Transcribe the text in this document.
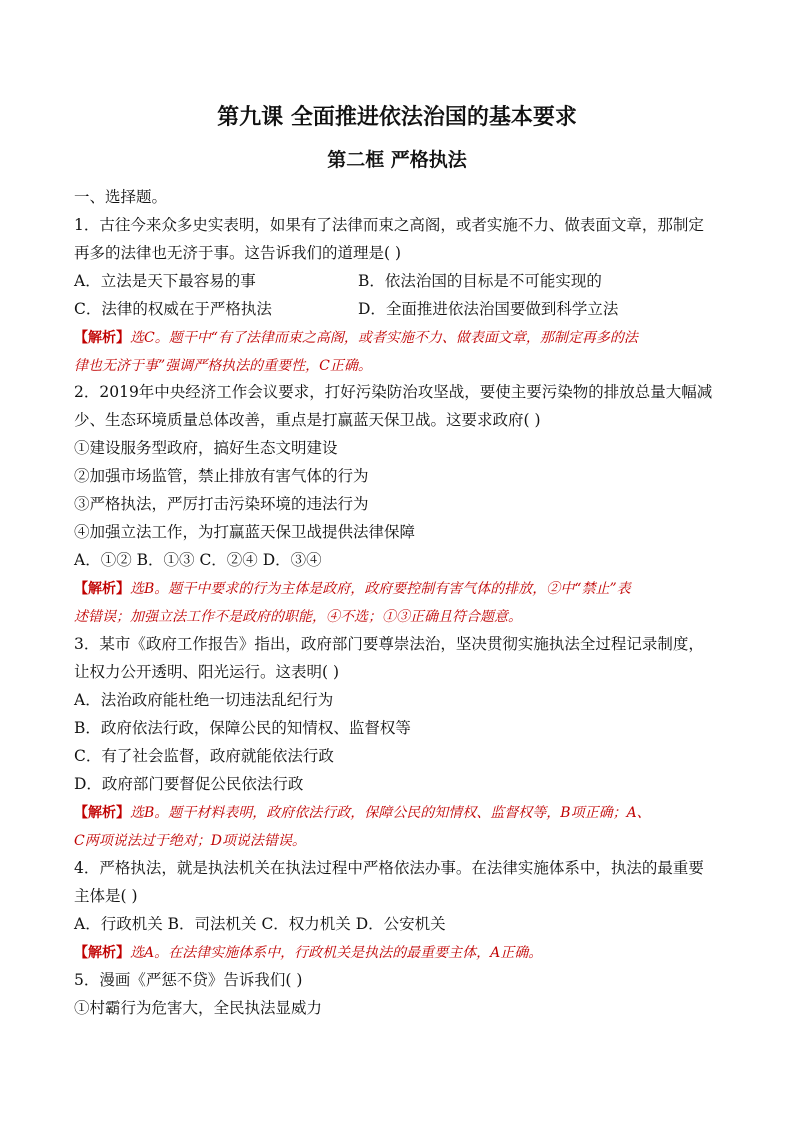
第九课 全面推进依法治国的基本要求
第二框 严格执法
一、选择题。
1．古往今来众多史实表明，如果有了法律而束之高阁，或者实施不力、做表面文章，那制定
再多的法律也无济于事。这告诉我们的道理是( )
A．立法是天下最容易的事	B．依法治国的目标是不可能实现的
C．法律的权威在于严格执法	D．全面推进依法治国要做到科学立法
【解析】选C。题干中“有了法律而束之高阁，或者实施不力、做表面文章，那制定再多的法
律也无济于事”强调严格执法的重要性，C正确。
2．2019年中央经济工作会议要求，打好污染防治攻坚战，要使主要污染物的排放总量大幅减
少、生态环境质量总体改善，重点是打赢蓝天保卫战。这要求政府( )
①建设服务型政府，搞好生态文明建设
②加强市场监管，禁止排放有害气体的行为
③严格执法，严厉打击污染环境的违法行为
④加强立法工作，为打赢蓝天保卫战提供法律保障
A．①② B．①③ C．②④ D．③④
【解析】选B。题干中要求的行为主体是政府，政府要控制有害气体的排放，②中“禁止”表
述错误；加强立法工作不是政府的职能，④不选；①③正确且符合题意。
3．某市《政府工作报告》指出，政府部门要尊崇法治，坚决贯彻实施执法全过程记录制度，
让权力公开透明、阳光运行。这表明( )
A．法治政府能杜绝一切违法乱纪行为
B．政府依法行政，保障公民的知情权、监督权等
C．有了社会监督，政府就能依法行政
D．政府部门要督促公民依法行政
【解析】选B。题干材料表明，政府依法行政，保障公民的知情权、监督权等，B项正确；A、
C两项说法过于绝对；D项说法错误。
4．严格执法，就是执法机关在执法过程中严格依法办事。在法律实施体系中，执法的最重要
主体是( )
A．行政机关 B．司法机关 C．权力机关 D．公安机关
【解析】选A。在法律实施体系中，行政机关是执法的最重要主体，A正确。
5．漫画《严惩不贷》告诉我们( )
①村霸行为危害大，全民执法显威力
